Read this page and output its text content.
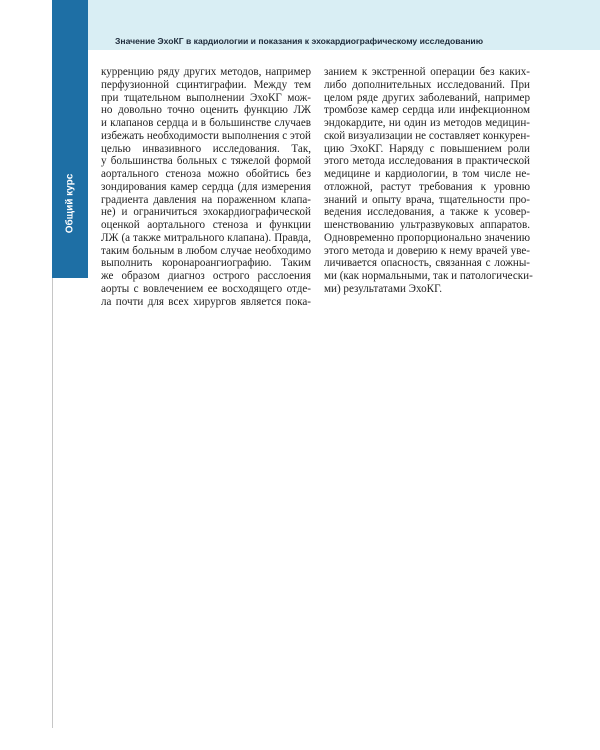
Значение ЭхоКГ в кардиологии и показания к эхокардиографическому исследованию
Общий курс
курренцию ряду других методов, например
перфузионной сцинтиграфии. Между тем
при тщательном выполнении ЭхоКГ мож-
но довольно точно оценить функцию ЛЖ
и клапанов сердца и в большинстве случаев
избежать необходимости выполнения с этой
целью инвазивного исследования. Так,
у большинства больных с тяжелой формой
аортального стеноза можно обойтись без
зондирования камер сердца (для измерения
градиента давления на пораженном клапа-
не) и ограничиться эхокардиографической
оценкой аортального стеноза и функции
ЛЖ (а также митрального клапана). Правда,
таким больным в любом случае необходимо
выполнить коронароангиографию. Таким
же образом диагноз острого расслоения
аорты с вовлечением ее восходящего отде-
ла почти для всех хирургов является пока-
занием к экстренной операции без каких-
либо дополнительных исследований. При
целом ряде других заболеваний, например
тромбозе камер сердца или инфекционном
эндокардите, ни один из методов медицин-
ской визуализации не составляет конкурен-
цию ЭхоКГ. Наряду с повышением роли
этого метода исследования в практической
медицине и кардиологии, в том числе не-
отложной, растут требования к уровню
знаний и опыту врача, тщательности про-
ведения исследования, а также к усовер-
шенствованию ультразвуковых аппаратов.
Одновременно пропорционально значению
этого метода и доверию к нему врачей уве-
личивается опасность, связанная с ложны-
ми (как нормальными, так и патологически-
ми) результатами ЭхоКГ.
